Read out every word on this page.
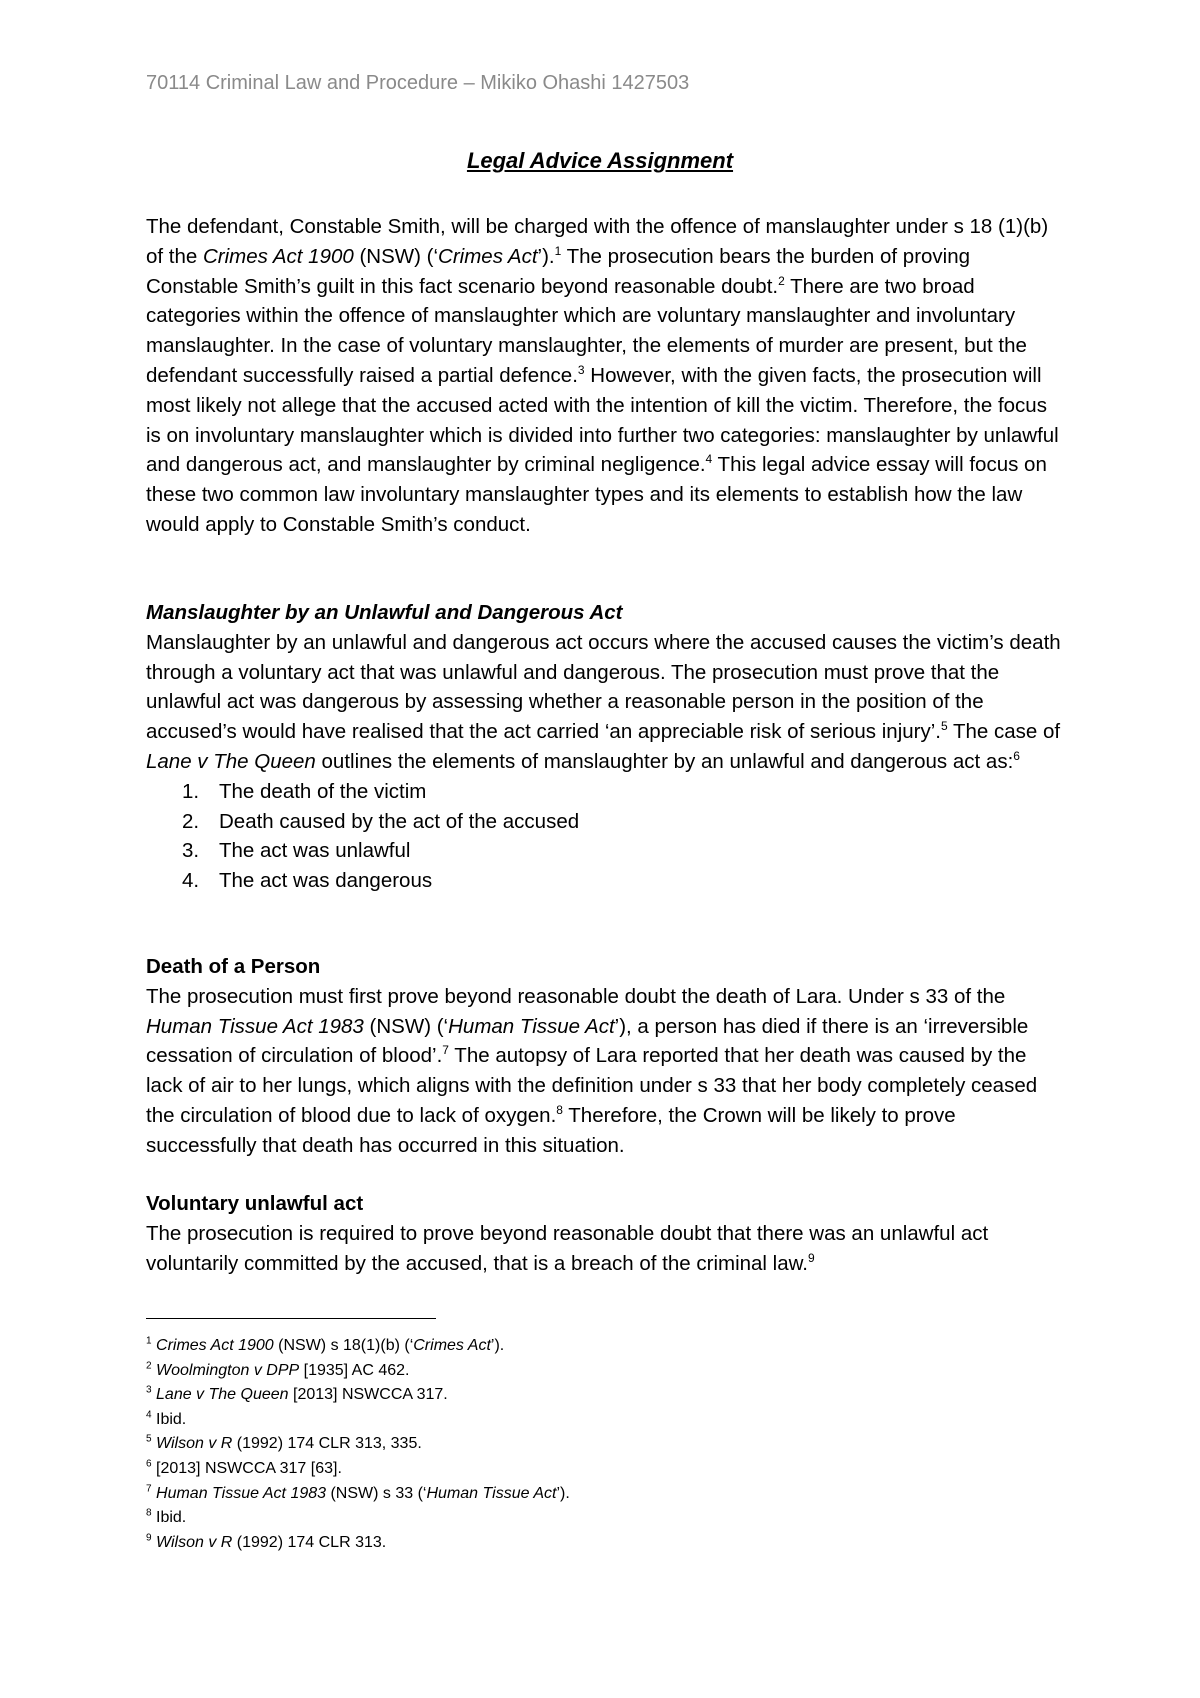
70114 Criminal Law and Procedure – Mikiko Ohashi 1427503
Legal Advice Assignment

The defendant, Constable Smith, will be charged with the offence of manslaughter under s 18 (1)(b) of the Crimes Act 1900 (NSW) (‘Crimes Act’).$^1$ The prosecution bears the burden of proving Constable Smith’s guilt in this fact scenario beyond reasonable doubt.$^2$ There are two broad categories within the offence of manslaughter which are voluntary manslaughter and involuntary manslaughter. In the case of voluntary manslaughter, the elements of murder are present, but the defendant successfully raised a partial defence.$^3$ However, with the given facts, the prosecution will most likely not allege that the accused acted with the intention of kill the victim. Therefore, the focus is on involuntary manslaughter which is divided into further two categories: manslaughter by unlawful and dangerous act, and manslaughter by criminal negligence.$^4$ This legal advice essay will focus on these two common law involuntary manslaughter types and its elements to establish how the law would apply to Constable Smith’s conduct.

Manslaughter by an Unlawful and Dangerous Act

Manslaughter by an unlawful and dangerous act occurs where the accused causes the victim’s death through a voluntary act that was unlawful and dangerous. The prosecution must prove that the unlawful act was dangerous by assessing whether a reasonable person in the position of the accused’s would have realised that the act carried ‘an appreciable risk of serious injury’.$^5$ The case of Lane v The Queen outlines the elements of manslaughter by an unlawful and dangerous act as:$^6$

1. The death of the victim
2. Death caused by the act of the accused
3. The act was unlawful
4. The act was dangerous

Death of a Person

The prosecution must first prove beyond reasonable doubt the death of Lara. Under s 33 of the Human Tissue Act 1983 (NSW) (‘Human Tissue Act’), a person has died if there is an ‘irreversible cessation of circulation of blood’.$^7$ The autopsy of Lara reported that her death was caused by the lack of air to her lungs, which aligns with the definition under s 33 that her body completely ceased the circulation of blood due to lack of oxygen.$^8$ Therefore, the Crown will be likely to prove successfully that death has occurred in this situation.

Voluntary unlawful act

The prosecution is required to prove beyond reasonable doubt that there was an unlawful act voluntarily committed by the accused, that is a breach of the criminal law.$^9$

$^1$ Crimes Act 1900 (NSW) s 18(1)(b) (‘Crimes Act’).
$^2$ Woolmington v DPP [1935] AC 462.
$^3$ Lane v The Queen [2013] NSWCCA 317.
$^4$ Ibid.
$^5$ Wilson v R (1992) 174 CLR 313, 335.
$^6$ [2013] NSWCCA 317 [63].
$^7$ Human Tissue Act 1983 (NSW) s 33 (‘Human Tissue Act’).
$^8$ Ibid.
$^9$ Wilson v R (1992) 174 CLR 313.
